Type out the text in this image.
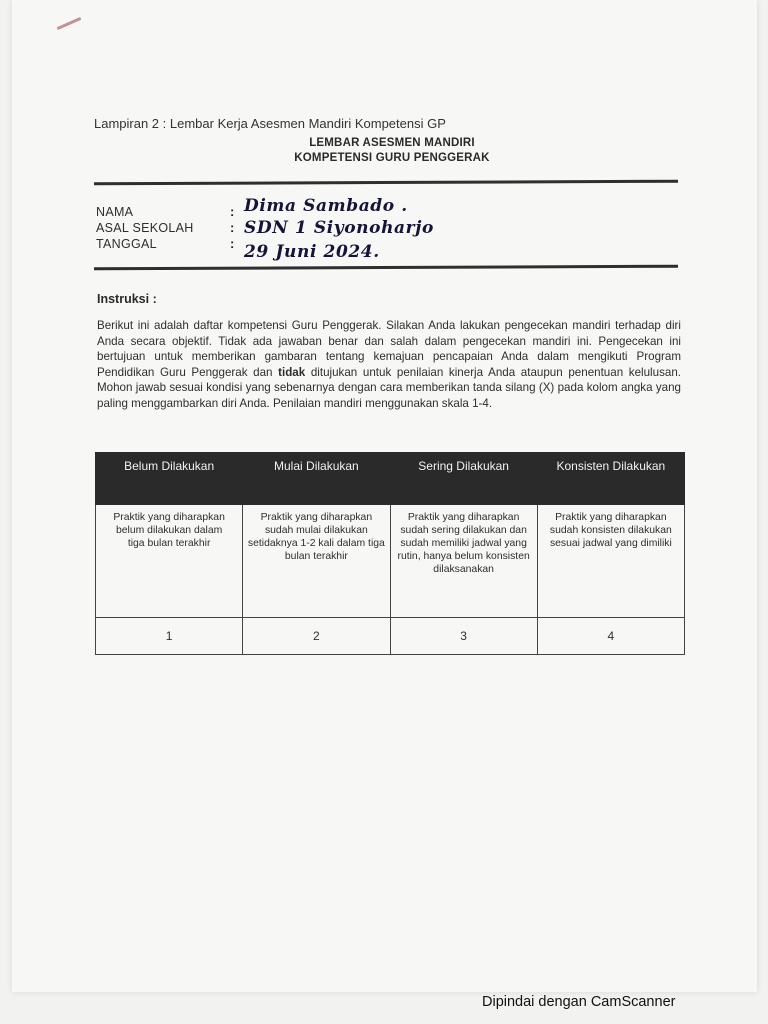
Lampiran 2 : Lembar Kerja Asesmen Mandiri Kompetensi GP
LEMBAR ASESMEN MANDIRI
KOMPETENSI GURU PENGGERAK
NAMA	: Dima Sambado .
ASAL SEKOLAH	: SDN 1 Siyonoharjo
TANGGAL	: 29 Juni 2024.
Instruksi :
Berikut ini adalah daftar kompetensi Guru Penggerak. Silakan Anda lakukan pengecekan mandiri terhadap diri Anda secara objektif. Tidak ada jawaban benar dan salah dalam pengecekan mandiri ini. Pengecekan ini bertujuan untuk memberikan gambaran tentang kemajuan pencapaian Anda dalam mengikuti Program Pendidikan Guru Penggerak dan tidak ditujukan untuk penilaian kinerja Anda ataupun penentuan kelulusan. Mohon jawab sesuai kondisi yang sebenarnya dengan cara memberikan tanda silang (X) pada kolom angka yang paling menggambarkan diri Anda. Penilaian mandiri menggunakan skala 1-4.
Belum Dilakukan	Mulai Dilakukan	Sering Dilakukan	Konsisten Dilakukan
Praktik yang diharapkan belum dilakukan dalam tiga bulan terakhir	Praktik yang diharapkan sudah mulai dilakukan setidaknya 1-2 kali dalam tiga bulan terakhir	Praktik yang diharapkan sudah sering dilakukan dan sudah memiliki jadwal yang rutin, hanya belum konsisten dilaksanakan	Praktik yang diharapkan sudah konsisten dilakukan sesuai jadwal yang dimiliki
1	2	3	4
Dipindai dengan CamScanner
